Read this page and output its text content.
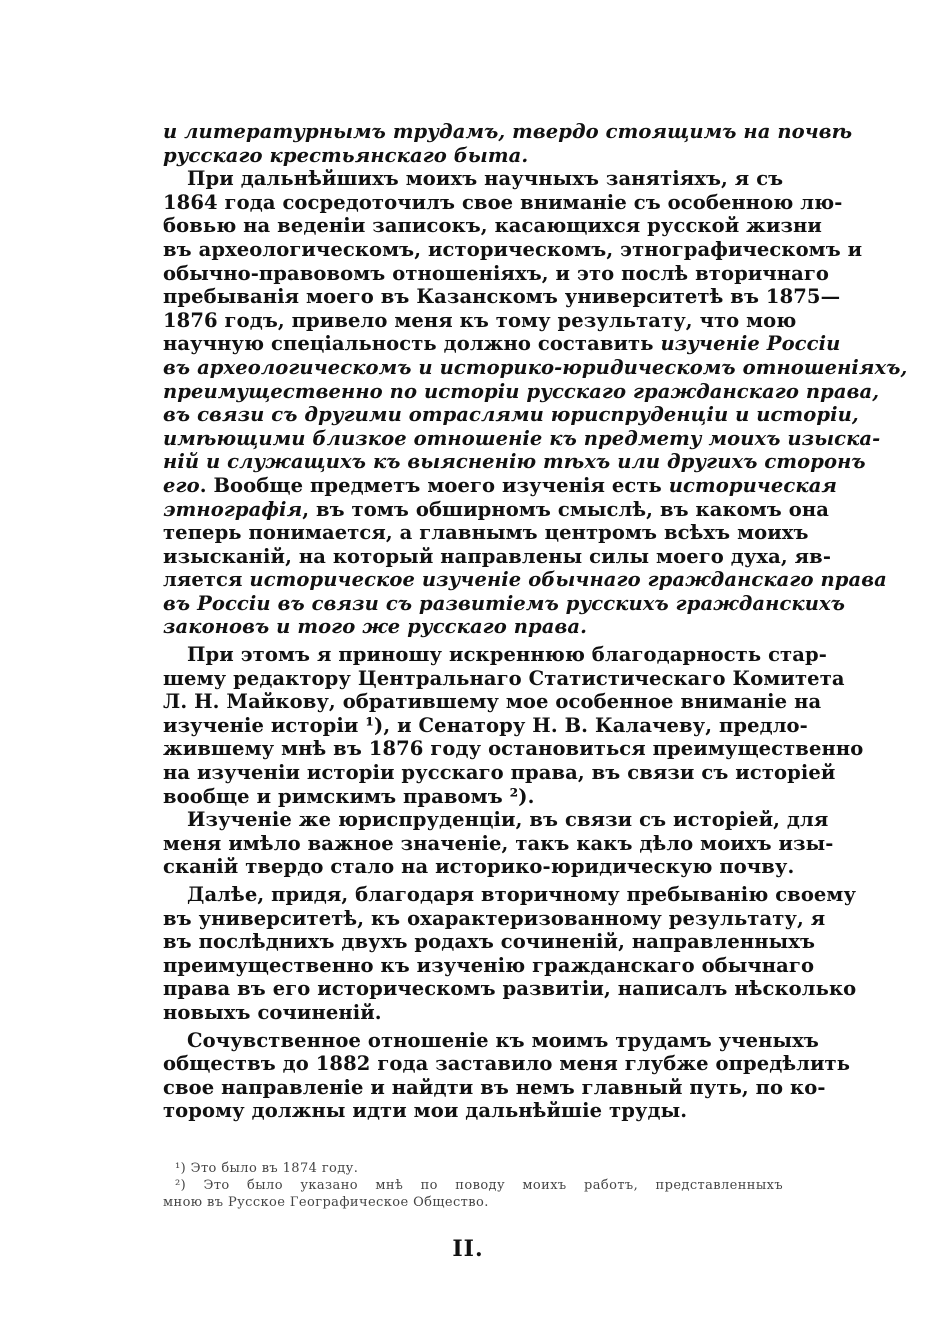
и литературнымъ трудамъ, твердо стоящимъ на почвѣ
русскаго крестьянскаго быта.
При дальнѣйшихъ моихъ научныхъ занятіяхъ, я съ
1864 года сосредоточилъ свое вниманіе съ особенною лю-
бовью на веденіи записокъ, касающихся русской жизни
въ археологическомъ, историческомъ, этнографическомъ и
обычно-правовомъ отношеніяхъ, и это послѣ вторичнаго
пребыванія моего въ Казанскомъ университетѣ въ 1875—
1876 годъ, привело меня къ тому результату, что мою
научную спеціальность должно составить изученіе Россіи
въ археологическомъ и историко-юридическомъ отношеніяхъ,
преимущественно по исторіи русскаго гражданскаго права,
въ связи съ другими отраслями юриспруденціи и исторіи,
имѣющими близкое отношеніе къ предмету моихъ изыска-
ній и служащихъ къ выясненію тѣхъ или другихъ сторонъ
его. Вообще предметъ моего изученія есть историческая
этнографія, въ томъ обширномъ смыслѣ, въ какомъ она
теперь понимается, а главнымъ центромъ всѣхъ моихъ
изысканій, на который направлены силы моего духа, яв-
ляется историческое изученіе обычнаго гражданскаго права
въ Россіи въ связи съ развитіемъ русскихъ гражданскихъ
законовъ и того же русскаго права.
При этомъ я приношу искреннюю благодарность стар-
шему редактору Центральнаго Статистическаго Комитета
Л. Н. Майкову, обратившему мое особенное вниманіе на
изученіе исторіи ¹), и Сенатору Н. В. Калачеву, предло-
жившему мнѣ въ 1876 году остановиться преимущественно
на изученіи исторіи русскаго права, въ связи съ исторіей
вообще и римскимъ правомъ ²).
Изученіе же юриспруденціи, въ связи съ исторіей, для
меня имѣло важное значеніе, такъ какъ дѣло моихъ изы-
сканій твердо стало на историко-юридическую почву.
Далѣе, придя, благодаря вторичному пребыванію своему
въ университетѣ, къ охарактеризованному результату, я
въ послѣднихъ двухъ родахъ сочиненій, направленныхъ
преимущественно къ изученію гражданскаго обычнаго
права въ его историческомъ развитіи, написалъ нѣсколько
новыхъ сочиненій.
Сочувственное отношеніе къ моимъ трудамъ ученыхъ
обществъ до 1882 года заставило меня глубже опредѣлить
свое направленіе и найдти въ немъ главный путь, по ко-
торому должны идти мои дальнѣйшіе труды.
¹) Это было въ 1874 году.
²) Это было указано мнѣ по поводу моихъ работъ, представленныхъ
мною въ Русское Географическое Общество.
II.
